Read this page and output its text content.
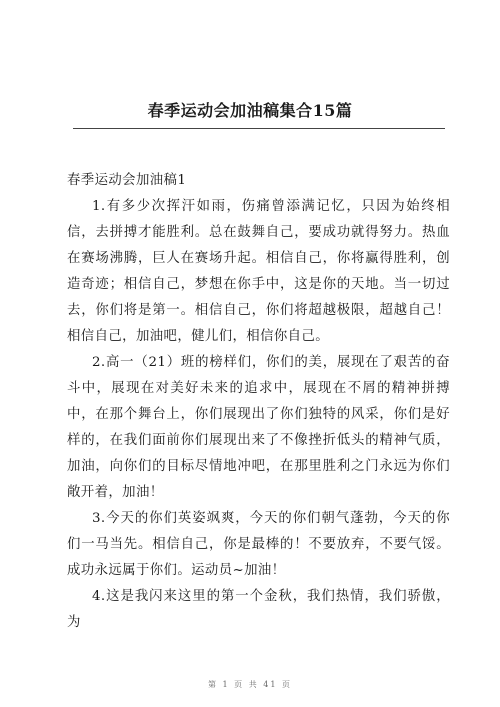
春季运动会加油稿集合15篇

春季运动会加油稿1

1.有多少次挥汗如雨，伤痛曾添满记忆，只因为始终相信，去拼搏才能胜利。总在鼓舞自己，要成功就得努力。热血在赛场沸腾，巨人在赛场升起。相信自己，你将赢得胜利，创造奇迹；相信自己，梦想在你手中，这是你的天地。当一切过去，你们将是第一。相信自己，你们将超越极限，超越自己！相信自己，加油吧，健儿们，相信你自己。

2.高一（21）班的榜样们，你们的美，展现在了艰苦的奋斗中，展现在对美好未来的追求中，展现在不屑的精神拼搏中，在那个舞台上，你们展现出了你们独特的风采，你们是好样的，在我们面前你们展现出来了不像挫折低头的精神气质，加油，向你们的目标尽情地冲吧，在那里胜利之门永远为你们敞开着，加油！

3.今天的你们英姿飒爽，今天的你们朝气蓬勃，今天的你们一马当先。相信自己，你是最棒的！不要放弃，不要气馁。成功永远属于你们。运动员~加油！

4.这是我闪来这里的第一个金秋，我们热情，我们骄傲，为

第 1 页 共 41 页
